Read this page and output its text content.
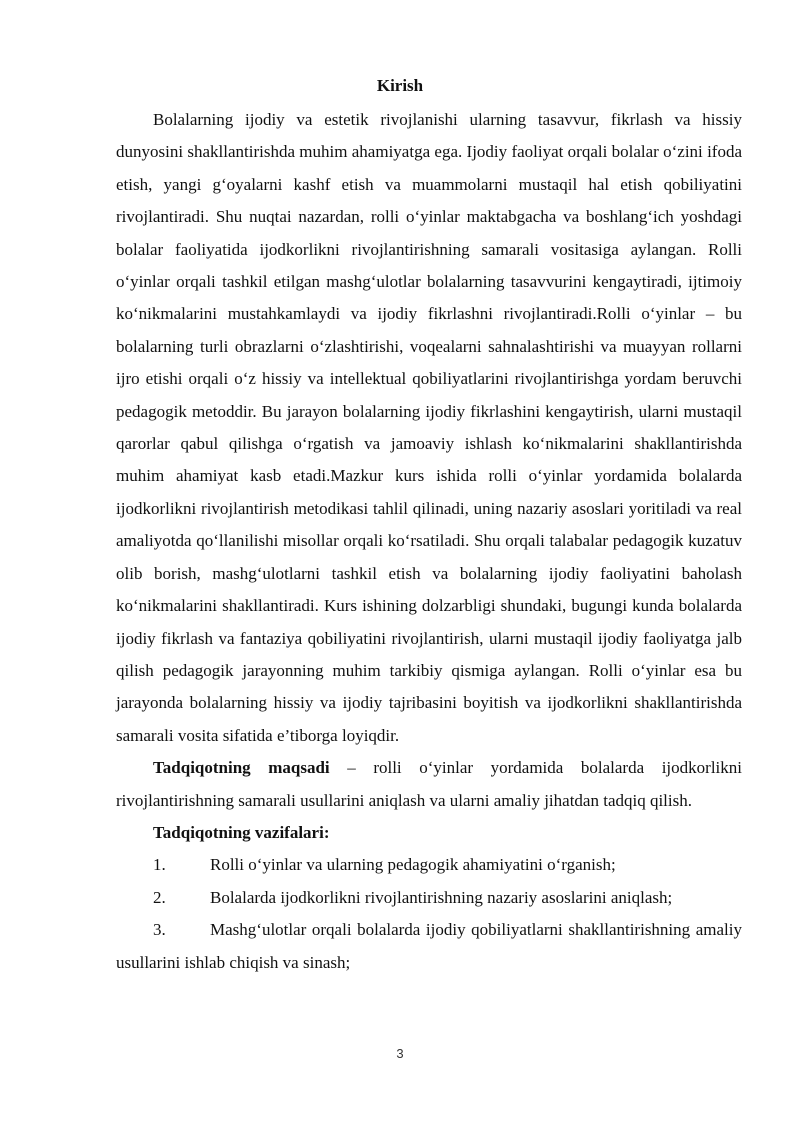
Kirish

Bolalarning ijodiy va estetik rivojlanishi ularning tasavvur, fikrlash va hissiy dunyosini shakllantirishda muhim ahamiyatga ega. Ijodiy faoliyat orqali bolalar o‘zini ifoda etish, yangi g‘oyalarni kashf etish va muammolarni mustaqil hal etish qobiliyatini rivojlantiradi. Shu nuqtai nazardan, rolli o‘yinlar maktabgacha va boshlang‘ich yoshdagi bolalar faoliyatida ijodkorlikni rivojlantirishning samarali vositasiga aylangan. Rolli o‘yinlar orqali tashkil etilgan mashg‘ulotlar bolalarning tasavvurini kengaytiradi, ijtimoiy ko‘nikmalarini mustahkamlaydi va ijodiy fikrlashni rivojlantiradi.Rolli o‘yinlar – bu bolalarning turli obrazlarni o‘zlashtirishi, voqealarni sahnalashtirishi va muayyan rollarni ijro etishi orqali o‘z hissiy va intellektual qobiliyatlarini rivojlantirishga yordam beruvchi pedagogik metoddir. Bu jarayon bolalarning ijodiy fikrlashini kengaytirish, ularni mustaqil qarorlar qabul qilishga o‘rgatish va jamoaviy ishlash ko‘nikmalarini shakllantirishda muhim ahamiyat kasb etadi.Mazkur kurs ishida rolli o‘yinlar yordamida bolalarda ijodkorlikni rivojlantirish metodikasi tahlil qilinadi, uning nazariy asoslari yoritiladi va real amaliyotda qo‘llanilishi misollar orqali ko‘rsatiladi. Shu orqali talabalar pedagogik kuzatuv olib borish, mashg‘ulotlarni tashkil etish va bolalarning ijodiy faoliyatini baholash ko‘nikmalarini shakllantiradi. Kurs ishining dolzarbligi shundaki, bugungi kunda bolalarda ijodiy fikrlash va fantaziya qobiliyatini rivojlantirish, ularni mustaqil ijodiy faoliyatga jalb qilish pedagogik jarayonning muhim tarkibiy qismiga aylangan. Rolli o‘yinlar esa bu jarayonda bolalarning hissiy va ijodiy tajribasini boyitish va ijodkorlikni shakllantirishda samarali vosita sifatida e’tiborga loyiqdir.

Tadqiqotning maqsadi – rolli o‘yinlar yordamida bolalarda ijodkorlikni rivojlantirishning samarali usullarini aniqlash va ularni amaliy jihatdan tadqiq qilish.

Tadqiqotning vazifalari:

1.	Rolli o‘yinlar va ularning pedagogik ahamiyatini o‘rganish;

2.	Bolalarda ijodkorlikni rivojlantirishning nazariy asoslarini aniqlash;

3.	Mashg‘ulotlar orqali bolalarda ijodiy qobiliyatlarni shakllantirishning amaliy usullarini ishlab chiqish va sinash;

3
